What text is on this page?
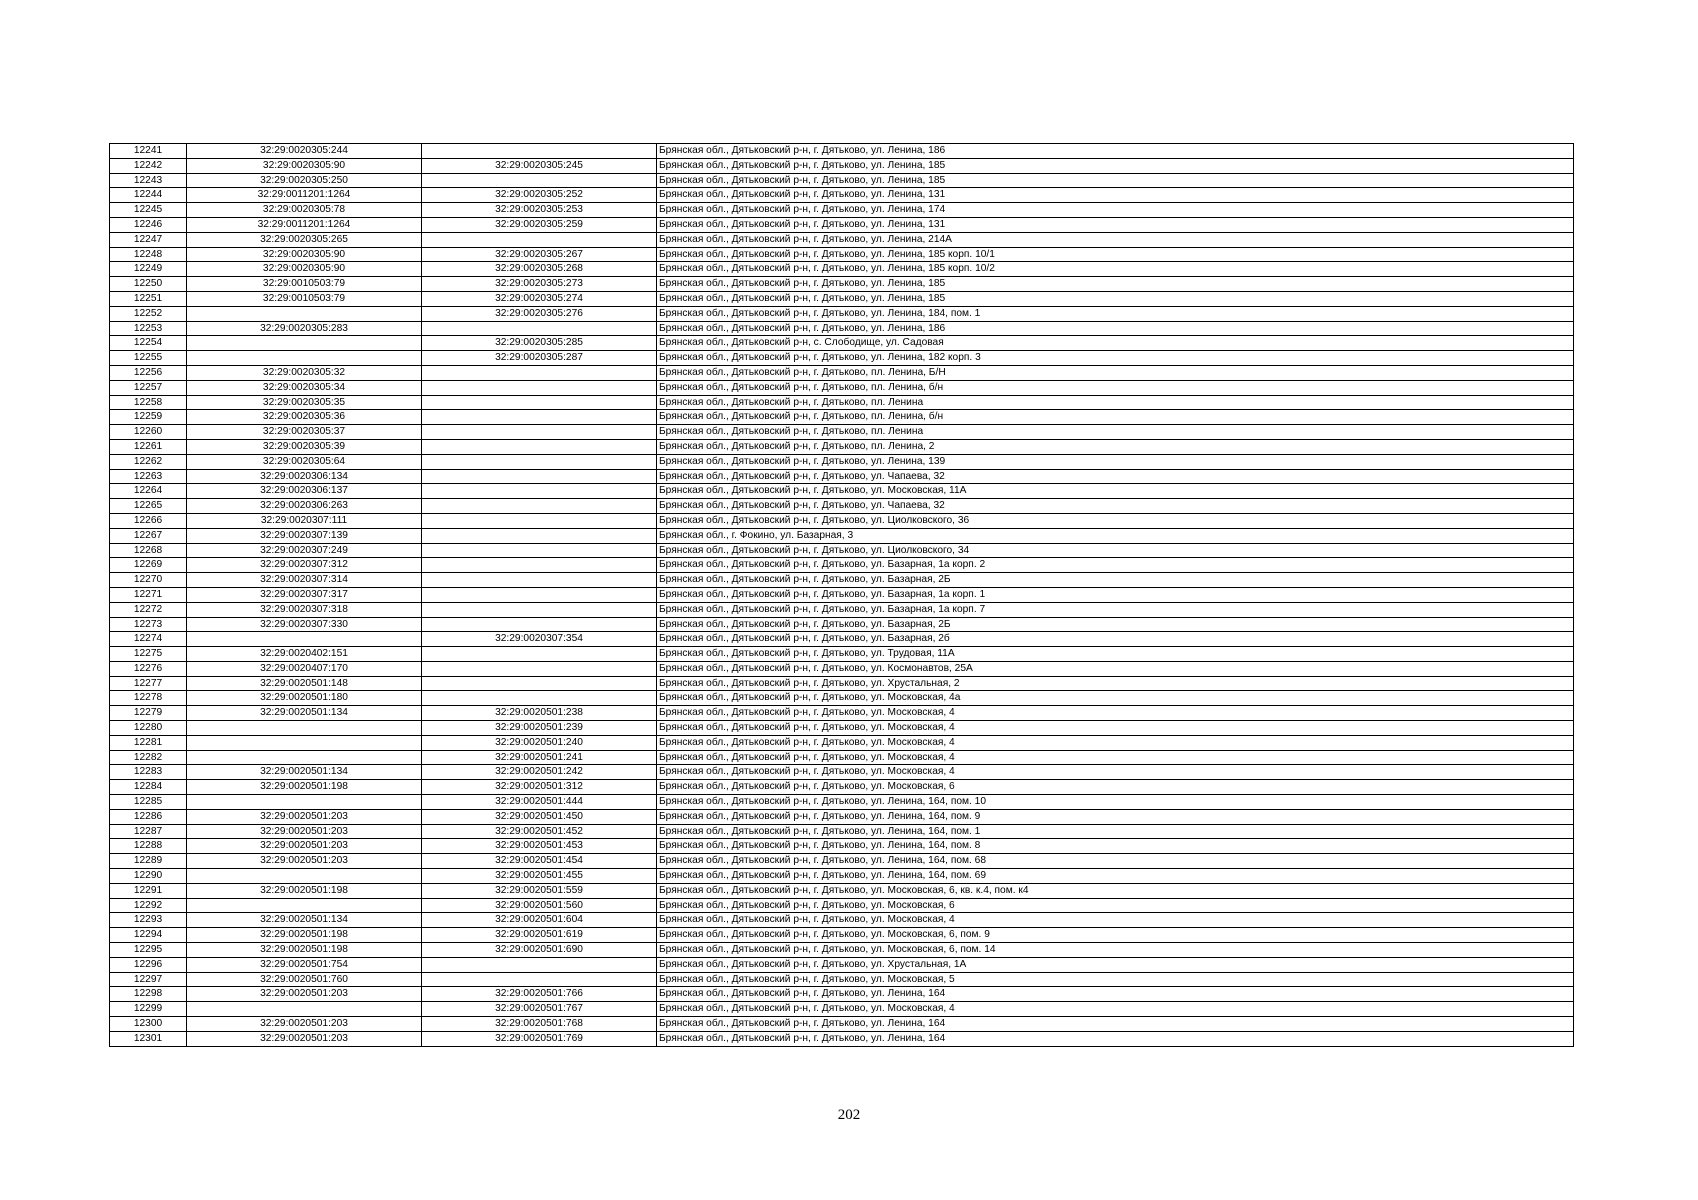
12241	32:29:0020305:244		Брянская обл., Дятьковский р-н, г. Дятьково, ул. Ленина, 186
12242	32:29:0020305:90	32:29:0020305:245	Брянская обл., Дятьковский р-н, г. Дятьково, ул. Ленина, 185
12243	32:29:0020305:250		Брянская обл., Дятьковский р-н, г. Дятьково, ул. Ленина, 185
12244	32:29:0011201:1264	32:29:0020305:252	Брянская обл., Дятьковский р-н, г. Дятьково, ул. Ленина, 131
12245	32:29:0020305:78	32:29:0020305:253	Брянская обл., Дятьковский р-н, г. Дятьково, ул. Ленина, 174
12246	32:29:0011201:1264	32:29:0020305:259	Брянская обл., Дятьковский р-н, г. Дятьково, ул. Ленина, 131
12247	32:29:0020305:265		Брянская обл., Дятьковский р-н, г. Дятьково, ул. Ленина, 214А
12248	32:29:0020305:90	32:29:0020305:267	Брянская обл., Дятьковский р-н, г. Дятьково, ул. Ленина, 185 корп. 10/1
12249	32:29:0020305:90	32:29:0020305:268	Брянская обл., Дятьковский р-н, г. Дятьково, ул. Ленина, 185 корп. 10/2
12250	32:29:0010503:79	32:29:0020305:273	Брянская обл., Дятьковский р-н, г. Дятьково, ул. Ленина, 185
12251	32:29:0010503:79	32:29:0020305:274	Брянская обл., Дятьковский р-н, г. Дятьково, ул. Ленина, 185
12252		32:29:0020305:276	Брянская обл., Дятьковский р-н, г. Дятьково, ул. Ленина, 184, пом. 1
12253	32:29:0020305:283		Брянская обл., Дятьковский р-н, г. Дятьково, ул. Ленина, 186
12254		32:29:0020305:285	Брянская обл., Дятьковский р-н, с. Слободище, ул. Садовая
12255		32:29:0020305:287	Брянская обл., Дятьковский р-н, г. Дятьково, ул. Ленина, 182 корп. 3
12256	32:29:0020305:32		Брянская обл., Дятьковский р-н, г. Дятьково, пл. Ленина, Б/Н
12257	32:29:0020305:34		Брянская обл., Дятьковский р-н, г. Дятьково, пл. Ленина, б/н
12258	32:29:0020305:35		Брянская обл., Дятьковский р-н, г. Дятьково, пл. Ленина
12259	32:29:0020305:36		Брянская обл., Дятьковский р-н, г. Дятьково, пл. Ленина, б/н
12260	32:29:0020305:37		Брянская обл., Дятьковский р-н, г. Дятьково, пл. Ленина
12261	32:29:0020305:39		Брянская обл., Дятьковский р-н, г. Дятьково, пл. Ленина, 2
12262	32:29:0020305:64		Брянская обл., Дятьковский р-н, г. Дятьково, ул. Ленина, 139
12263	32:29:0020306:134		Брянская обл., Дятьковский р-н, г. Дятьково, ул. Чапаева, 32
12264	32:29:0020306:137		Брянская обл., Дятьковский р-н, г. Дятьково, ул. Московская, 11А
12265	32:29:0020306:263		Брянская обл., Дятьковский р-н, г. Дятьково, ул. Чапаева, 32
12266	32:29:0020307:111		Брянская обл., Дятьковский р-н, г. Дятьково, ул. Циолковского, 36
12267	32:29:0020307:139		Брянская обл., г. Фокино, ул. Базарная, 3
12268	32:29:0020307:249		Брянская обл., Дятьковский р-н, г. Дятьково, ул. Циолковского, 34
12269	32:29:0020307:312		Брянская обл., Дятьковский р-н, г. Дятьково, ул. Базарная, 1а корп. 2
12270	32:29:0020307:314		Брянская обл., Дятьковский р-н, г. Дятьково, ул. Базарная, 2Б
12271	32:29:0020307:317		Брянская обл., Дятьковский р-н, г. Дятьково, ул. Базарная, 1а корп. 1
12272	32:29:0020307:318		Брянская обл., Дятьковский р-н, г. Дятьково, ул. Базарная, 1а корп. 7
12273	32:29:0020307:330		Брянская обл., Дятьковский р-н, г. Дятьково, ул. Базарная, 2Б
12274		32:29:0020307:354	Брянская обл., Дятьковский р-н, г. Дятьково, ул. Базарная, 2б
12275	32:29:0020402:151		Брянская обл., Дятьковский р-н, г. Дятьково, ул. Трудовая, 11А
12276	32:29:0020407:170		Брянская обл., Дятьковский р-н, г. Дятьково, ул. Космонавтов, 25А
12277	32:29:0020501:148		Брянская обл., Дятьковский р-н, г. Дятьково, ул. Хрустальная, 2
12278	32:29:0020501:180		Брянская обл., Дятьковский р-н, г. Дятьково, ул. Московская, 4а
12279	32:29:0020501:134	32:29:0020501:238	Брянская обл., Дятьковский р-н, г. Дятьково, ул. Московская, 4
12280		32:29:0020501:239	Брянская обл., Дятьковский р-н, г. Дятьково, ул. Московская, 4
12281		32:29:0020501:240	Брянская обл., Дятьковский р-н, г. Дятьково, ул. Московская, 4
12282		32:29:0020501:241	Брянская обл., Дятьковский р-н, г. Дятьково, ул. Московская, 4
12283	32:29:0020501:134	32:29:0020501:242	Брянская обл., Дятьковский р-н, г. Дятьково, ул. Московская, 4
12284	32:29:0020501:198	32:29:0020501:312	Брянская обл., Дятьковский р-н, г. Дятьково, ул. Московская, 6
12285		32:29:0020501:444	Брянская обл., Дятьковский р-н, г. Дятьково, ул. Ленина, 164, пом. 10
12286	32:29:0020501:203	32:29:0020501:450	Брянская обл., Дятьковский р-н, г. Дятьково, ул. Ленина, 164, пом. 9
12287	32:29:0020501:203	32:29:0020501:452	Брянская обл., Дятьковский р-н, г. Дятьково, ул. Ленина, 164, пом. 1
12288	32:29:0020501:203	32:29:0020501:453	Брянская обл., Дятьковский р-н, г. Дятьково, ул. Ленина, 164, пом. 8
12289	32:29:0020501:203	32:29:0020501:454	Брянская обл., Дятьковский р-н, г. Дятьково, ул. Ленина, 164, пом. 68
12290		32:29:0020501:455	Брянская обл., Дятьковский р-н, г. Дятьково, ул. Ленина, 164, пом. 69
12291	32:29:0020501:198	32:29:0020501:559	Брянская обл., Дятьковский р-н, г. Дятьково, ул. Московская, 6, кв. к.4, пом. к4
12292		32:29:0020501:560	Брянская обл., Дятьковский р-н, г. Дятьково, ул. Московская, 6
12293	32:29:0020501:134	32:29:0020501:604	Брянская обл., Дятьковский р-н, г. Дятьково, ул. Московская, 4
12294	32:29:0020501:198	32:29:0020501:619	Брянская обл., Дятьковский р-н, г. Дятьково, ул. Московская, 6, пом. 9
12295	32:29:0020501:198	32:29:0020501:690	Брянская обл., Дятьковский р-н, г. Дятьково, ул. Московская, 6, пом. 14
12296	32:29:0020501:754		Брянская обл., Дятьковский р-н, г. Дятьково, ул. Хрустальная, 1А
12297	32:29:0020501:760		Брянская обл., Дятьковский р-н, г. Дятьково, ул. Московская, 5
12298	32:29:0020501:203	32:29:0020501:766	Брянская обл., Дятьковский р-н, г. Дятьково, ул. Ленина, 164
12299		32:29:0020501:767	Брянская обл., Дятьковский р-н, г. Дятьково, ул. Московская, 4
12300	32:29:0020501:203	32:29:0020501:768	Брянская обл., Дятьковский р-н, г. Дятьково, ул. Ленина, 164
12301	32:29:0020501:203	32:29:0020501:769	Брянская обл., Дятьковский р-н, г. Дятьково, ул. Ленина, 164
202
